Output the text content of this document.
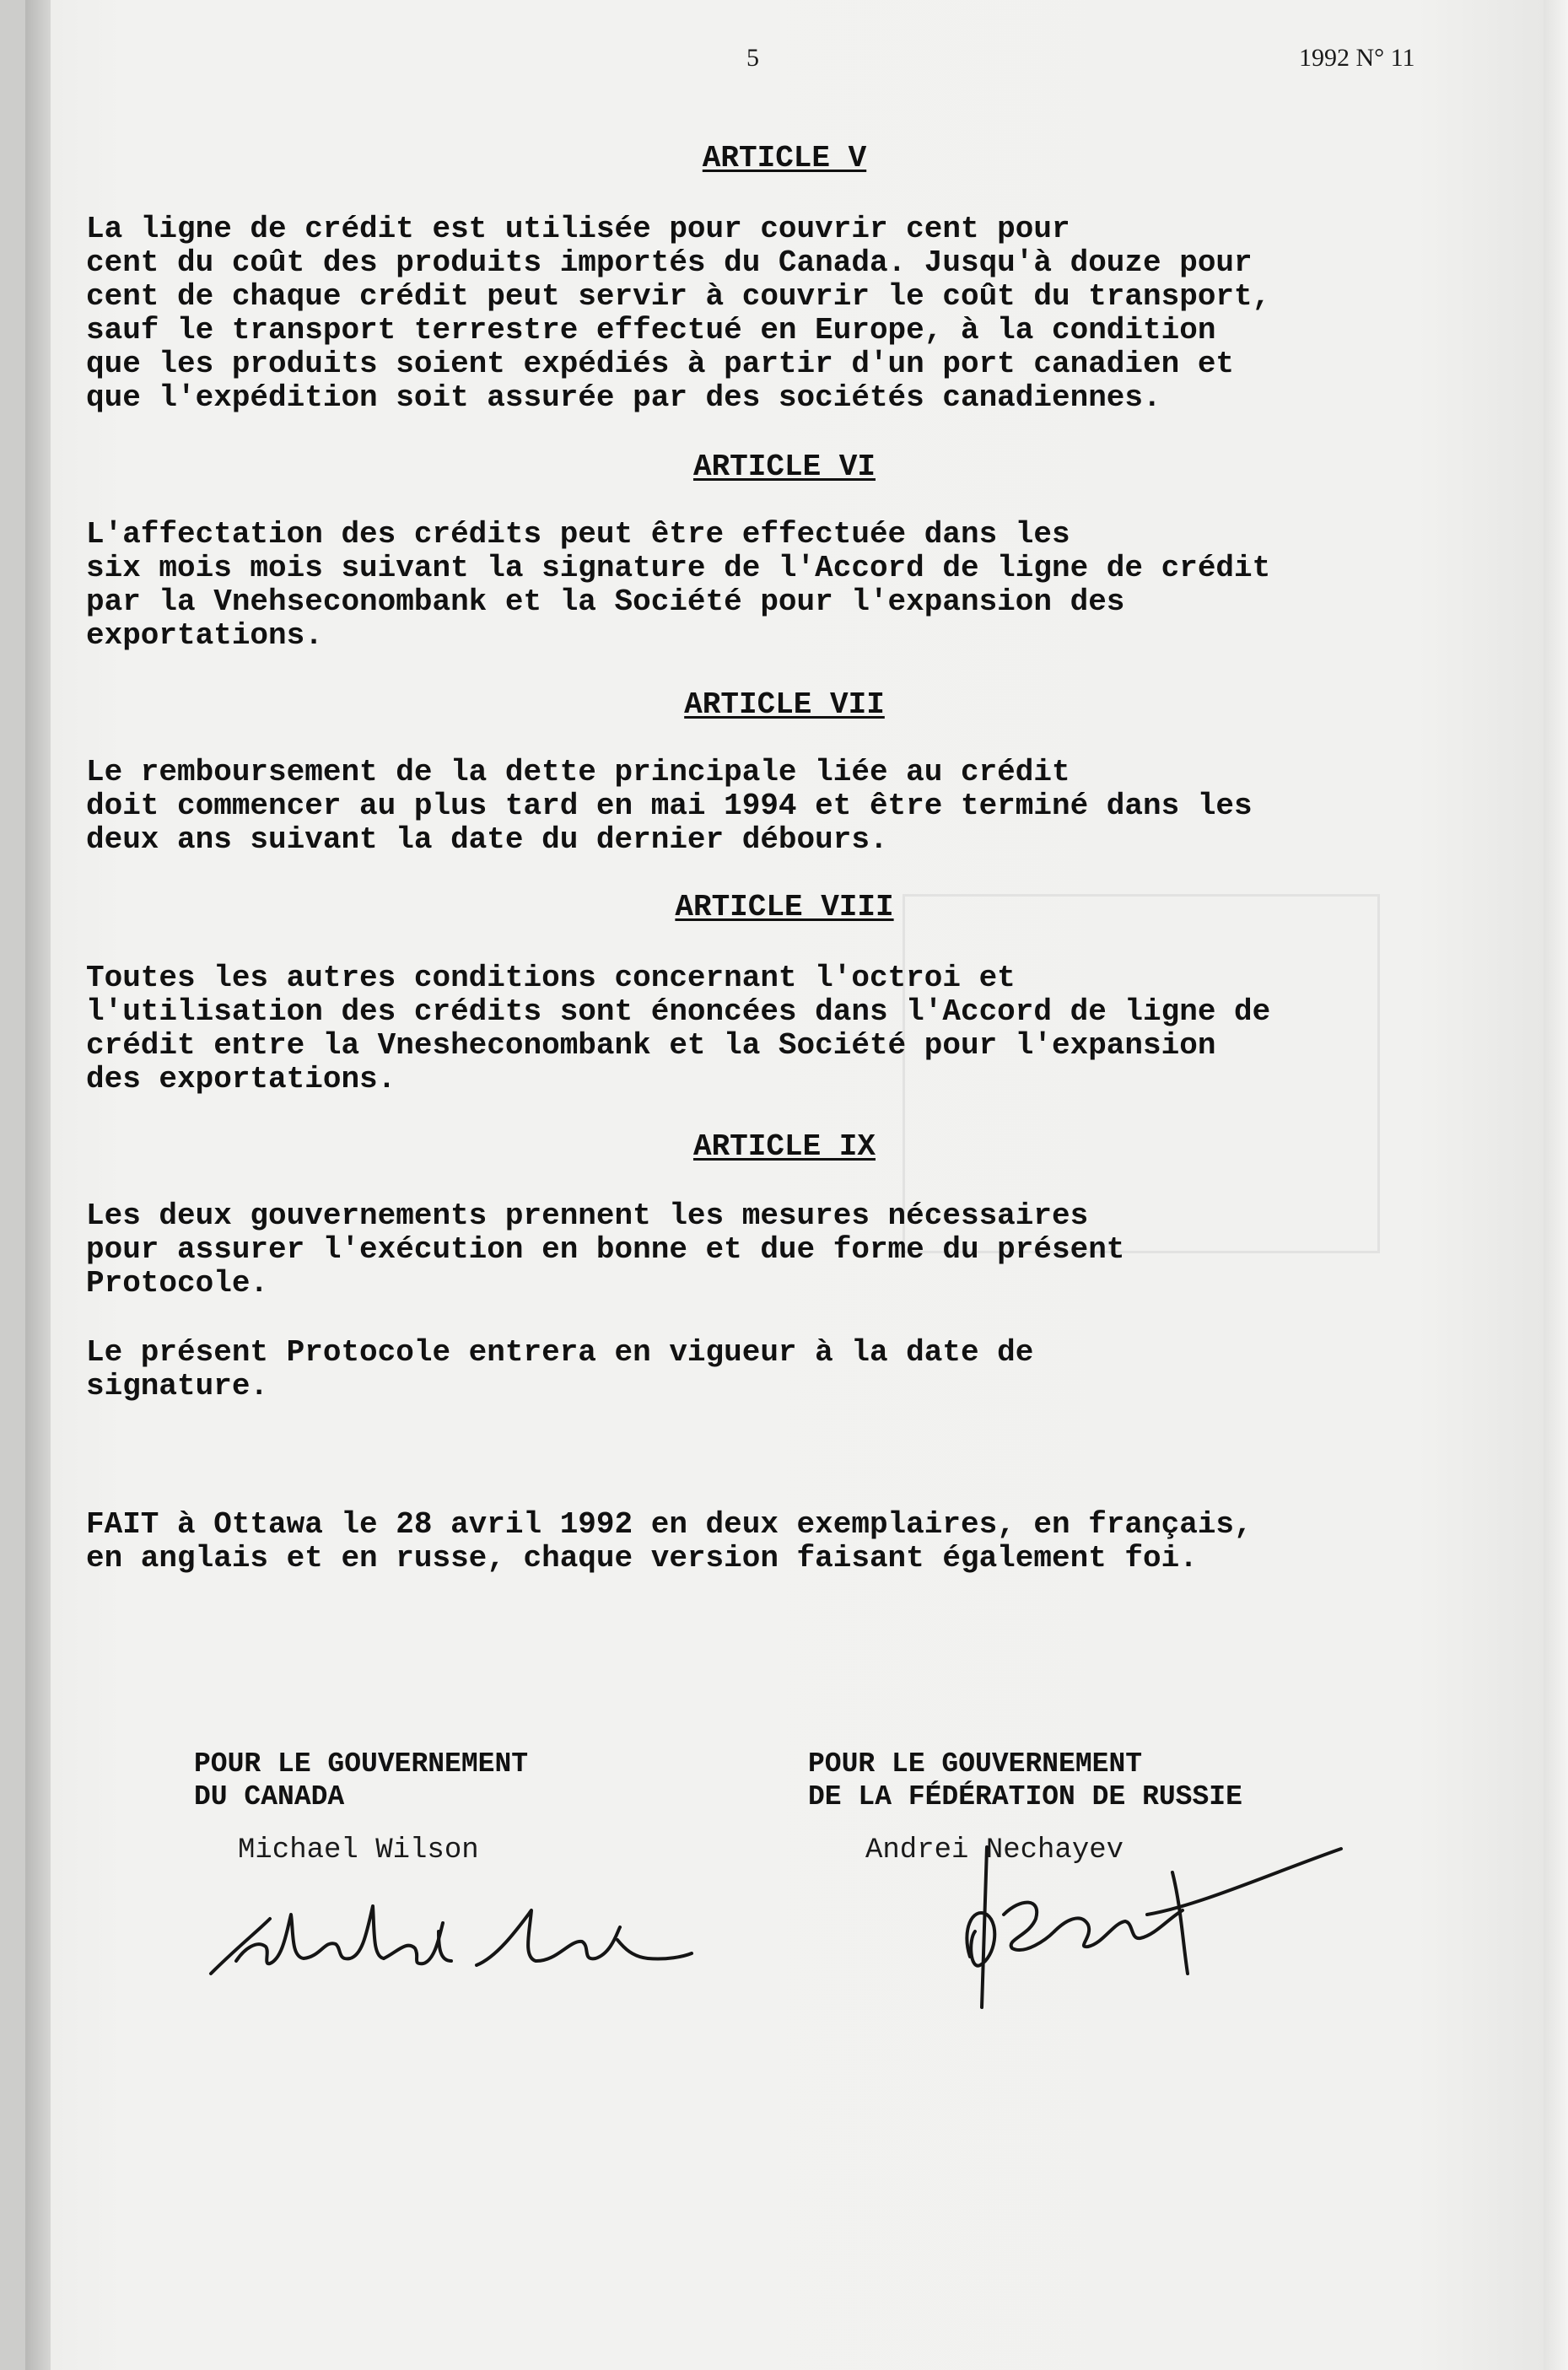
5	1992 N° 11
ARTICLE V

La ligne de crédit est utilisée pour couvrir cent pour
cent du coût des produits importés du Canada. Jusqu'à douze pour
cent de chaque crédit peut servir à couvrir le coût du transport,
sauf le transport terrestre effectué en Europe, à la condition
que les produits soient expédiés à partir d'un port canadien et
que l'expédition soit assurée par des sociétés canadiennes.

ARTICLE VI

L'affectation des crédits peut être effectuée dans les
six mois mois suivant la signature de l'Accord de ligne de crédit
par la Vnehseconombank et la Société pour l'expansion des
exportations.

ARTICLE VII

Le remboursement de la dette principale liée au crédit
doit commencer au plus tard en mai 1994 et être terminé dans les
deux ans suivant la date du dernier débours.

ARTICLE VIII

Toutes les autres conditions concernant l'octroi et
l'utilisation des crédits sont énoncées dans l'Accord de ligne de
crédit entre la Vnesheconombank et la Société pour l'expansion
des exportations.

ARTICLE IX

Les deux gouvernements prennent les mesures nécessaires
pour assurer l'exécution en bonne et due forme du présent
Protocole.

Le présent Protocole entrera en vigueur à la date de
signature.

FAIT à Ottawa le 28 avril 1992 en deux exemplaires, en français,
en anglais et en russe, chaque version faisant également foi.

POUR LE GOUVERNEMENT
DU CANADA

POUR LE GOUVERNEMENT
DE LA FÉDÉRATION DE RUSSIE

Michael Wilson	Andrei Nechayev
